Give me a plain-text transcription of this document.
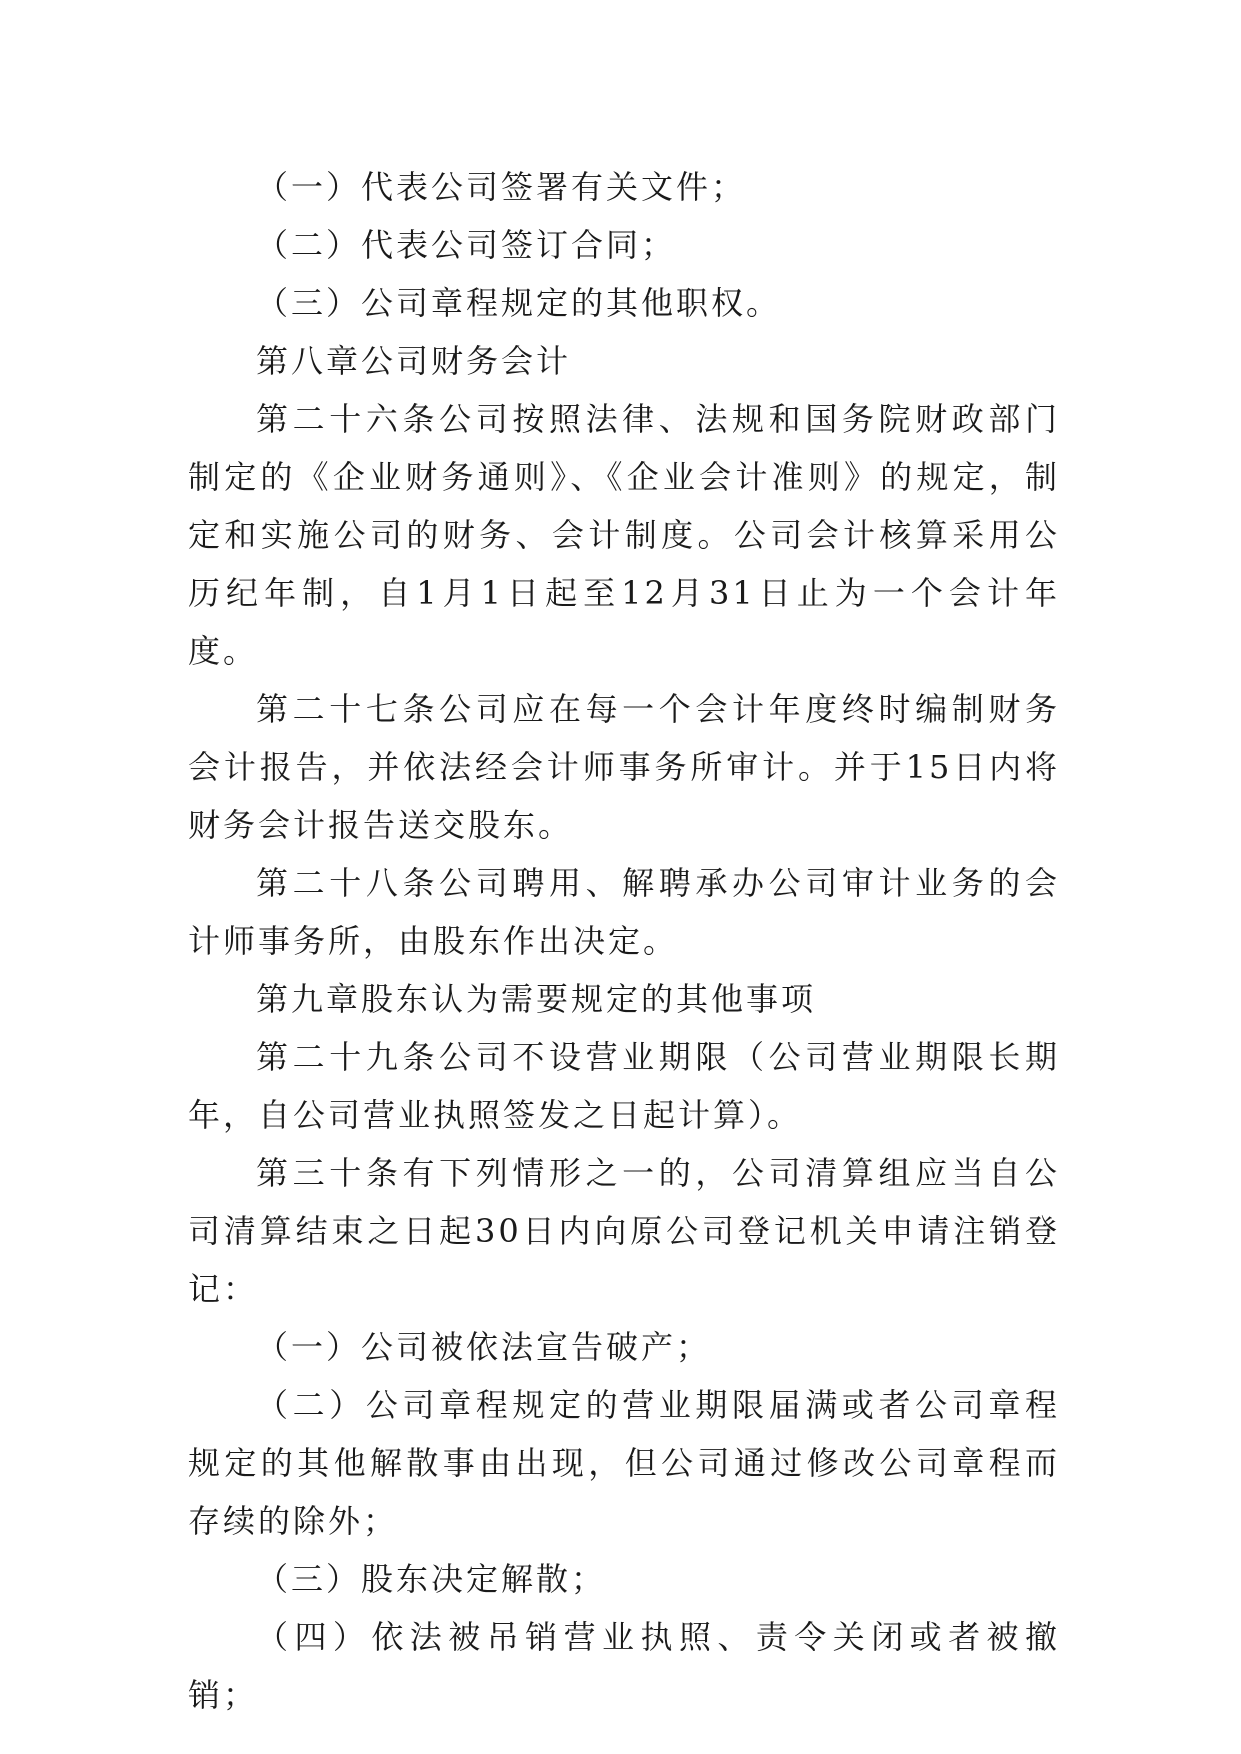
（一）代表公司签署有关文件；

（二）代表公司签订合同；

（三）公司章程规定的其他职权。

第八章公司财务会计

第二十六条公司按照法律、法规和国务院财政部门制定的《企业财务通则》、《企业会计准则》的规定，制定和实施公司的财务、会计制度。公司会计核算采用公历纪年制，自1月1日起至12月31日止为一个会计年度。

第二十七条公司应在每一个会计年度终时编制财务会计报告，并依法经会计师事务所审计。并于15日内将财务会计报告送交股东。

第二十八条公司聘用、解聘承办公司审计业务的会计师事务所，由股东作出决定。

第九章股东认为需要规定的其他事项

第二十九条公司不设营业期限（公司营业期限长期年，自公司营业执照签发之日起计算）。

第三十条有下列情形之一的，公司清算组应当自公司清算结束之日起30日内向原公司登记机关申请注销登记：

（一）公司被依法宣告破产；

（二）公司章程规定的营业期限届满或者公司章程规定的其他解散事由出现，但公司通过修改公司章程而存续的除外；

（三）股东决定解散；

（四）依法被吊销营业执照、责令关闭或者被撤销；
